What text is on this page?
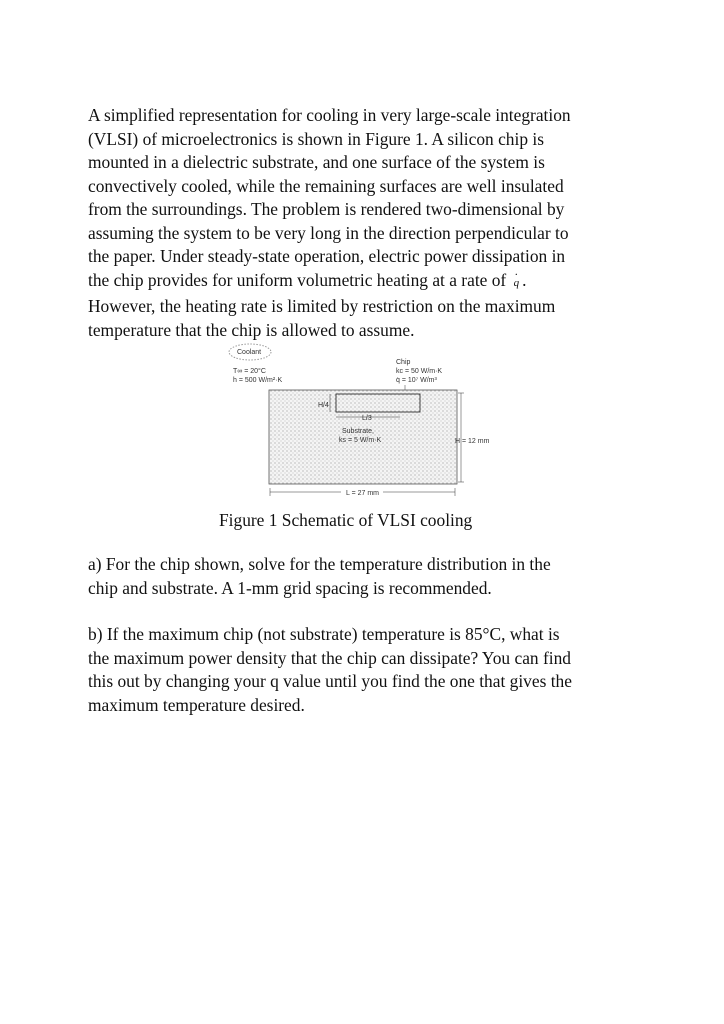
A simplified representation for cooling in very large-scale integration
(VLSI) of microelectronics is shown in Figure 1. A silicon chip is
mounted in a dielectric substrate, and one surface of the system is
convectively cooled, while the remaining surfaces are well insulated
from the surroundings. The problem is rendered two-dimensional by
assuming the system to be very long in the direction perpendicular to
the paper. Under steady-state operation, electric power dissipation in
the chip provides for uniform volumetric heating at a rate of · q .
However, the heating rate is limited by restriction on the maximum
temperature that the chip is allowed to assume.
Coolant
T∞ = 20°C
h = 500 W/m²·K
Chip
kc = 50 W/m·K
q̇ = 10⁷ W/m³
H/4
L/3
Substrate,
ks = 5 W/m·K	H = 12 mm
L = 27 mm
Figure 1 Schematic of VLSI cooling
a) For the chip shown, solve for the temperature distribution in the
chip and substrate. A 1-mm grid spacing is recommended.
b) If the maximum chip (not substrate) temperature is 85°C, what is
the maximum power density that the chip can dissipate? You can find
this out by changing your q value until you find the one that gives the
maximum temperature desired.
